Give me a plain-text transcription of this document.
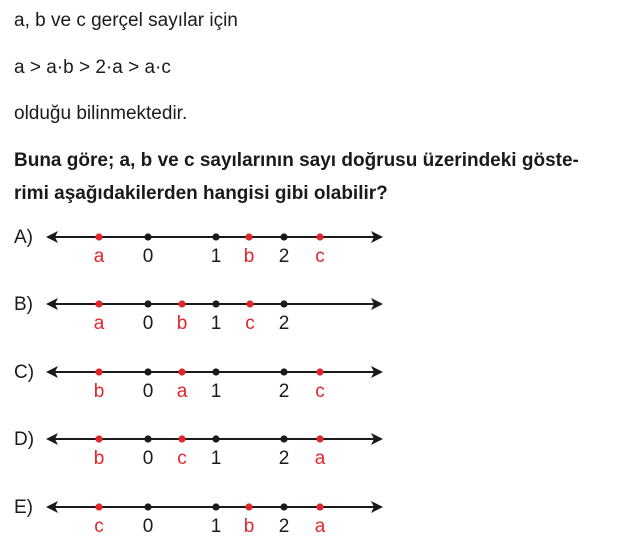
a, b ve c gerçel sayılar için
a > a·b > 2·a > a·c
olduğu bilinmektedir.
Buna göre; a, b ve c sayılarının sayı doğrusu üzerindeki göste-
rimi aşağıdakilerden hangisi gibi olabilir?
A)
a 0	1 b 2 c
B)
a 0 b 1 c 2
C)
b 0 a 1	2 c
D)
b 0 c 1	2 a
E)
c 0	1 b 2 a
